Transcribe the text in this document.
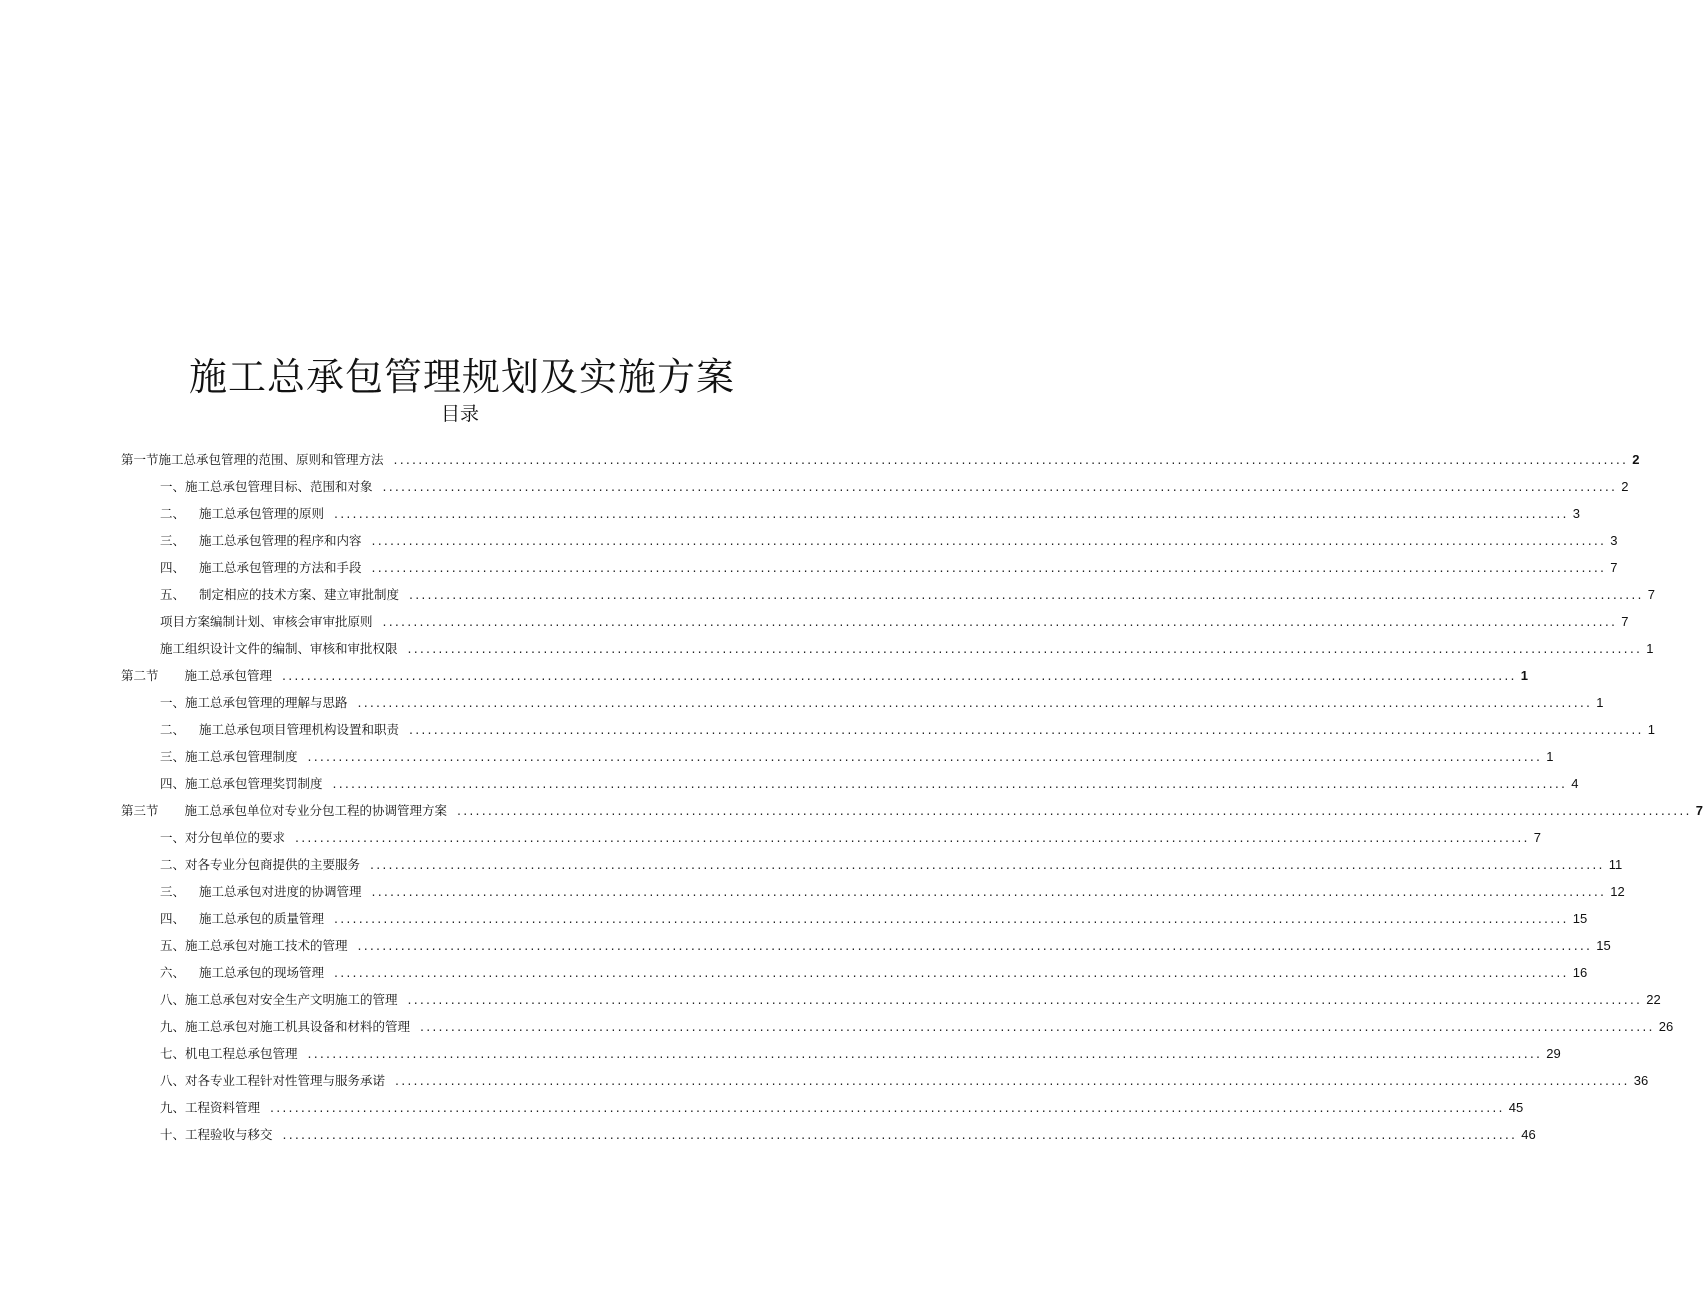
施工总承包管理规划及实施方案
目录
第一节施工总承包管理的范围、原则和管理方法 ........................................................................................................................................................................................................ 2
一、施工总承包管理目标、范围和对象 ........................................................................................................................................................................................................ 2
二、 施工总承包管理的原则 ........................................................................................................................................................................................................ 3
三、 施工总承包管理的程序和内容 ........................................................................................................................................................................................................ 3
四、 施工总承包管理的方法和手段 ........................................................................................................................................................................................................ 7
五、 制定相应的技术方案、建立审批制度 ........................................................................................................................................................................................................ 7
项目方案编制计划、审核会审审批原则 ........................................................................................................................................................................................................ 7
施工组织设计文件的编制、审核和审批权限 ........................................................................................................................................................................................................ 1
第二节 施工总承包管理 ........................................................................................................................................................................................................ 1
一、施工总承包管理的理解与思路 ........................................................................................................................................................................................................ 1
二、 施工总承包项目管理机构设置和职责 ........................................................................................................................................................................................................ 1
三、施工总承包管理制度 ........................................................................................................................................................................................................ 1
四、施工总承包管理奖罚制度 ........................................................................................................................................................................................................ 4
第三节 施工总承包单位对专业分包工程的协调管理方案 ........................................................................................................................................................................................................ 7
一、对分包单位的要求 ........................................................................................................................................................................................................ 7
二、对各专业分包商提供的主要服务 ........................................................................................................................................................................................................ 11
三、 施工总承包对进度的协调管理 ........................................................................................................................................................................................................ 12
四、 施工总承包的质量管理 ........................................................................................................................................................................................................ 15
五、施工总承包对施工技术的管理 ........................................................................................................................................................................................................ 15
六、 施工总承包的现场管理 ........................................................................................................................................................................................................ 16
八、施工总承包对安全生产文明施工的管理 ........................................................................................................................................................................................................ 22
九、施工总承包对施工机具设备和材料的管理 ........................................................................................................................................................................................................ 26
七、机电工程总承包管理 ........................................................................................................................................................................................................ 29
八、对各专业工程针对性管理与服务承诺 ........................................................................................................................................................................................................ 36
九、工程资料管理 ........................................................................................................................................................................................................ 45
十、工程验收与移交 ........................................................................................................................................................................................................ 46
